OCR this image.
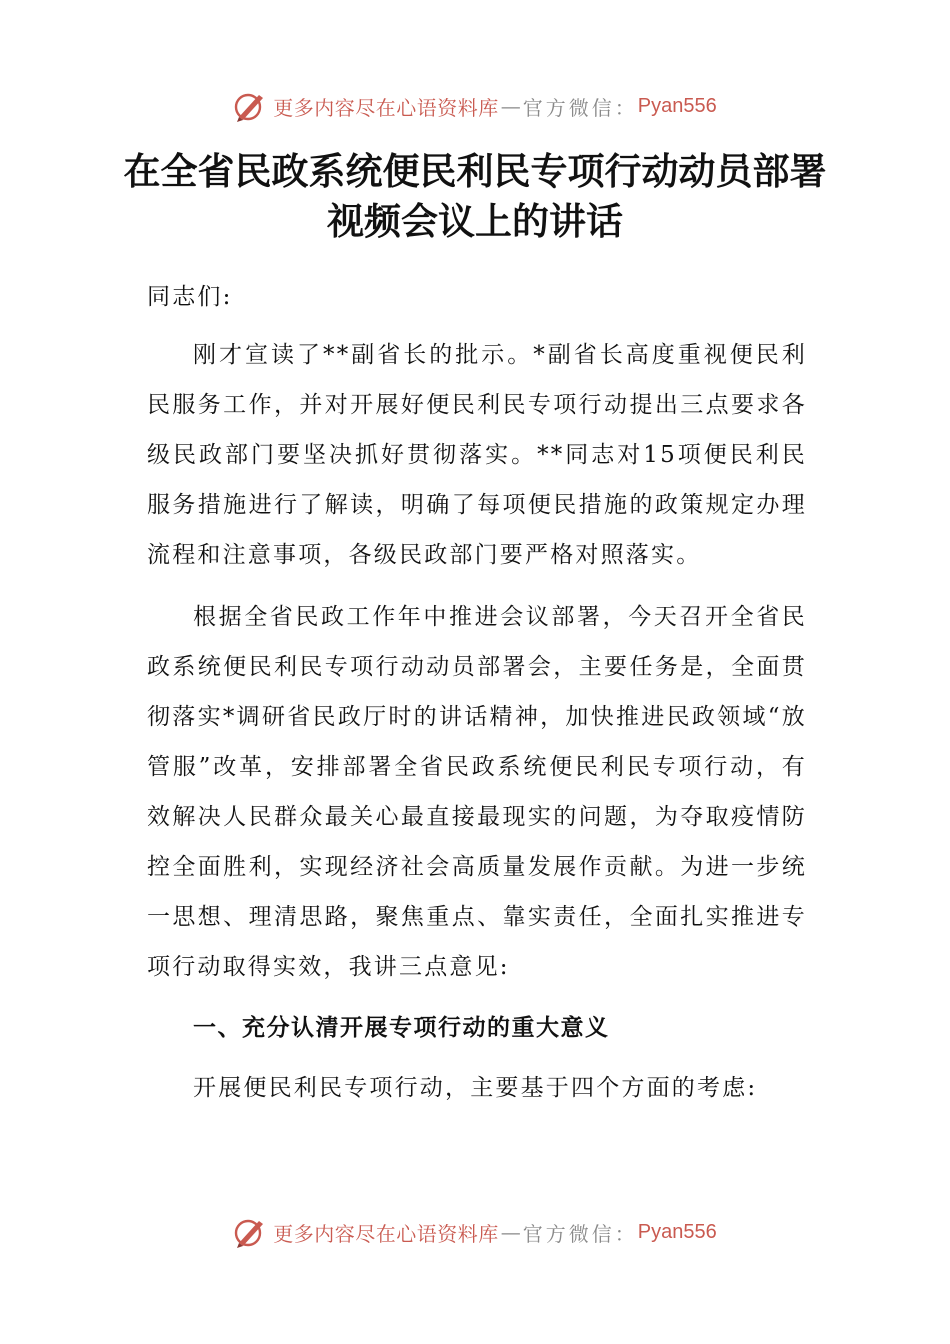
更多内容尽在心语资料库 — 官方微信： Pyan556
在全省民政系统便民利民专项行动动员部署视频会议上的讲话

同志们:

刚才宣读了**副省长的批示。*副省长高度重视便民利民服务工作，并对开展好便民利民专项行动提出三点要求各级民政部门要坚决抓好贯彻落实。**同志对15项便民利民服务措施进行了解读，明确了每项便民措施的政策规定办理流程和注意事项，各级民政部门要严格对照落实。

根据全省民政工作年中推进会议部署，今天召开全省民政系统便民利民专项行动动员部署会，主要任务是，全面贯彻落实*调研省民政厅时的讲话精神，加快推进民政领域“放管服”改革，安排部署全省民政系统便民利民专项行动，有效解决人民群众最关心最直接最现实的问题，为夺取疫情防控全面胜利，实现经济社会高质量发展作贡献。为进一步统一思想、理清思路，聚焦重点、靠实责任，全面扎实推进专项行动取得实效，我讲三点意见:

一、充分认清开展专项行动的重大意义

开展便民利民专项行动，主要基于四个方面的考虑:

更多内容尽在心语资料库 — 官方微信： Pyan556
